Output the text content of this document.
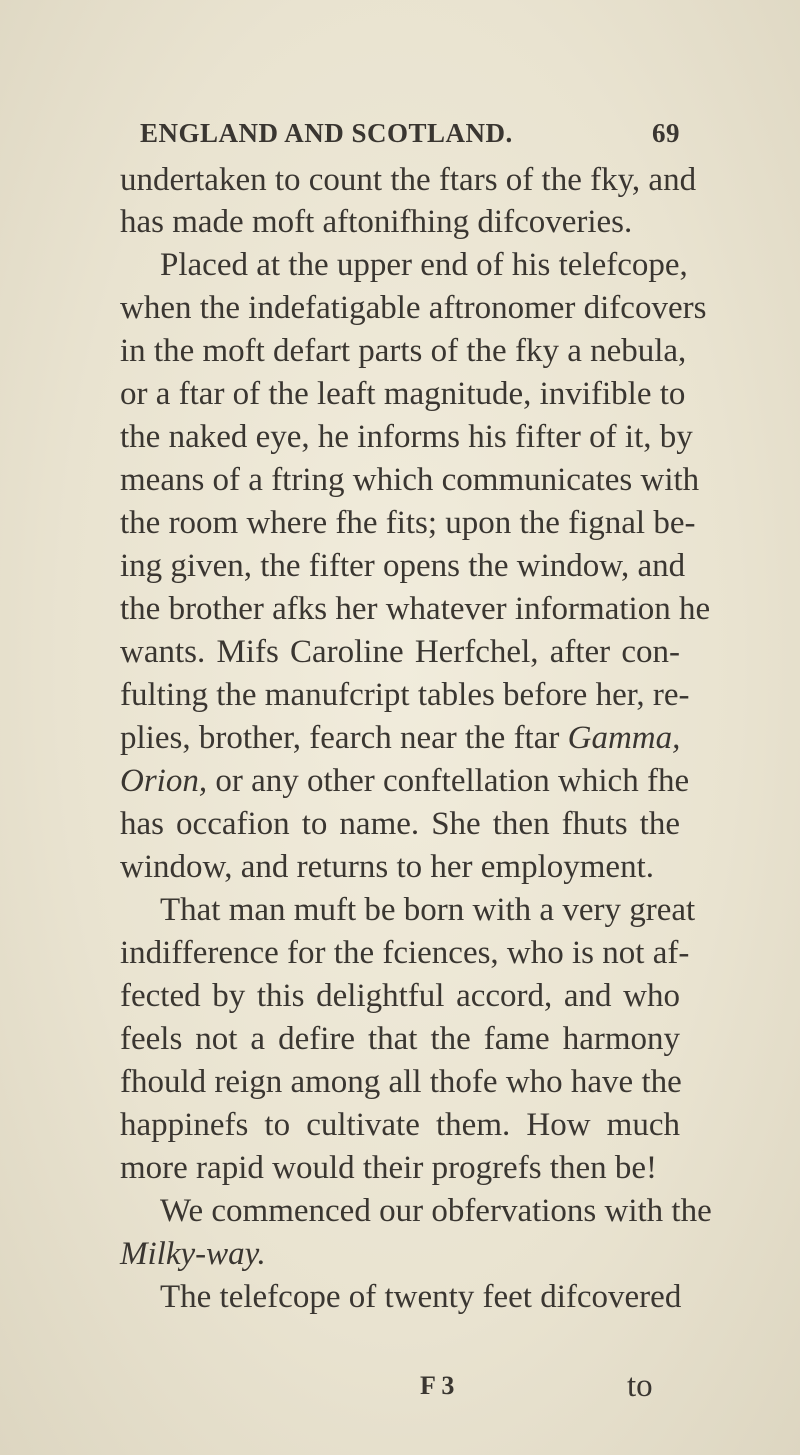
ENGLAND AND SCOTLAND.	69
undertaken to count the ftars of the fky, and
has made moft aftonifhing difcoveries.
Placed at the upper end of his telefcope,
when the indefatigable aftronomer difcovers
in the moft defart parts of the fky a nebula,
or a ftar of the leaft magnitude, invifible to
the naked eye, he informs his fifter of it, by
means of a ftring which communicates with
the room where fhe fits; upon the fignal be-
ing given, the fifter opens the window, and
the brother afks her whatever information he
wants. Mifs Caroline Herfchel, after con-
fulting the manufcript tables before her, re-
plies, brother, fearch near the ftar Gamma,
Orion, or any other conftellation which fhe
has occafion to name. She then fhuts the
window, and returns to her employment.
That man muft be born with a very great
indifference for the fciences, who is not af-
fected by this delightful accord, and who
feels not a defire that the fame harmony
fhould reign among all thofe who have the
happinefs to cultivate them. How much
more rapid would their progrefs then be!
We commenced our obfervations with the
Milky-way.
The telefcope of twenty feet difcovered
F 3	to
